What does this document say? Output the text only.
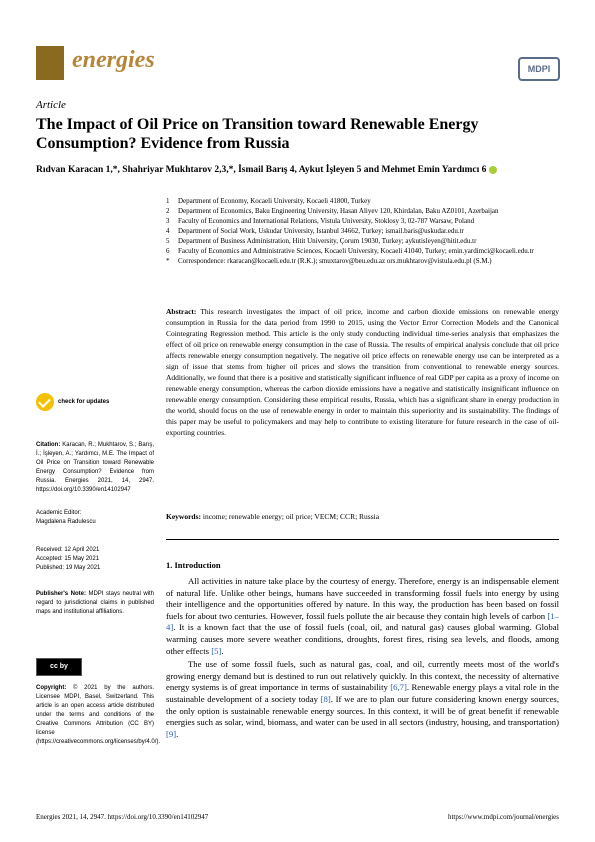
energies	MDPI
Article
The Impact of Oil Price on Transition toward Renewable Energy Consumption? Evidence from Russia
Rıdvan Karacan 1,*, Shahriyar Mukhtarov 2,3,*, İsmail Barış 4, Aykut İşleyen 5 and Mehmet Emin Yardımcı 6
1	Department of Economy, Kocaeli University, Kocaeli 41800, Turkey
2	Department of Economics, Baku Engineering University, Hasan Aliyev 120, Khirdalan, Baku AZ0101, Azerbaijan
3	Faculty of Economics and International Relations, Vistula University, Stoklosy 3, 02-787 Warsaw, Poland
4	Department of Social Work, Uskudar University, Istanbul 34662, Turkey; ismail.baris@uskudar.edu.tr
5	Department of Business Administration, Hitit University, Çorum 19030, Turkey; aykutisleyen@hitit.edu.tr
6	Faculty of Economics and Administrative Sciences, Kocaeli University, Kocaeli 41040, Turkey; emin.yardimci@kocaeli.edu.tr
*	Correspondence: rkaracan@kocaeli.edu.tr (R.K.); smuxtarov@beu.edu.az ors.mukhtarov@vistula.edu.pl (S.M.)
Abstract: This research investigates the impact of oil price, income and carbon dioxide emissions on renewable energy consumption in Russia for the data period from 1990 to 2015, using the Vector Error Correction Models and the Canonical Cointegrating Regression method. This article is the only study conducting individual time-series analysis that emphasizes the effect of oil price on renewable energy consumption in the case of Russia. The results of empirical analysis conclude that oil price affects renewable energy consumption negatively. The negative oil price effects on renewable energy use can be interpreted as a sign of issue that stems from higher oil prices and slows the transition from conventional to renewable energy sources. Additionally, we found that there is a positive and statistically significant influence of real GDP per capita as a proxy of income on renewable energy consumption, whereas the carbon dioxide emissions have a negative and statistically insignificant influence on renewable energy consumption. Considering these empirical results, Russia, which has a significant share in energy production in the world, should focus on the use of renewable energy in order to maintain this superiority and its sustainability. The findings of this paper may be useful to policymakers and may help to contribute to existing literature for future research in the case of oil-exporting countries.
Keywords: income; renewable energy; oil price; VECM; CCR; Russia
check for updates
Citation: Karacan, R.; Mukhtarov, S.; Barış, İ.; İşleyen, A.; Yardımcı, M.E. The Impact of Oil Price on Transition toward Renewable Energy Consumption? Evidence from Russia. Energies 2021, 14, 2947. https://doi.org/10.3390/en14102947
Academic Editor:
Magdalena Radulescu
Received: 12 April 2021
Accepted: 15 May 2021
Published: 19 May 2021
Publisher's Note: MDPI stays neutral with regard to jurisdictional claims in published maps and institutional affiliations.
cc by
Copyright: © 2021 by the authors. Licensee MDPI, Basel, Switzerland. This article is an open access article distributed under the terms and conditions of the Creative Commons Attribution (CC BY) license (https://creativecommons.org/licenses/by/4.0/).
1. Introduction

All activities in nature take place by the courtesy of energy. Therefore, energy is an indispensable element of natural life. Unlike other beings, humans have succeeded in transforming fossil fuels into energy by using their intelligence and the opportunities offered by nature. In this way, the production has been based on fossil fuels for about two centuries. However, fossil fuels pollute the air because they contain high levels of carbon [1–4]. It is a known fact that the use of fossil fuels (coal, oil, and natural gas) causes global warming. Global warming causes more severe weather conditions, droughts, forest fires, rising sea levels, and floods, among other effects [5].

The use of some fossil fuels, such as natural gas, coal, and oil, currently meets most of the world's growing energy demand but is destined to run out relatively quickly. In this context, the necessity of alternative energy systems is of great importance in terms of sustainability [6,7]. Renewable energy plays a vital role in the sustainable development of a society today [8]. If we are to plan our future considering known energy sources, the only option is sustainable renewable energy sources. In this context, it will be of great benefit if renewable energies such as solar, wind, biomass, and water can be used in all sectors (industry, housing, and transportation) [9].

Energies 2021, 14, 2947. https://doi.org/10.3390/en14102947	https://www.mdpi.com/journal/energies
